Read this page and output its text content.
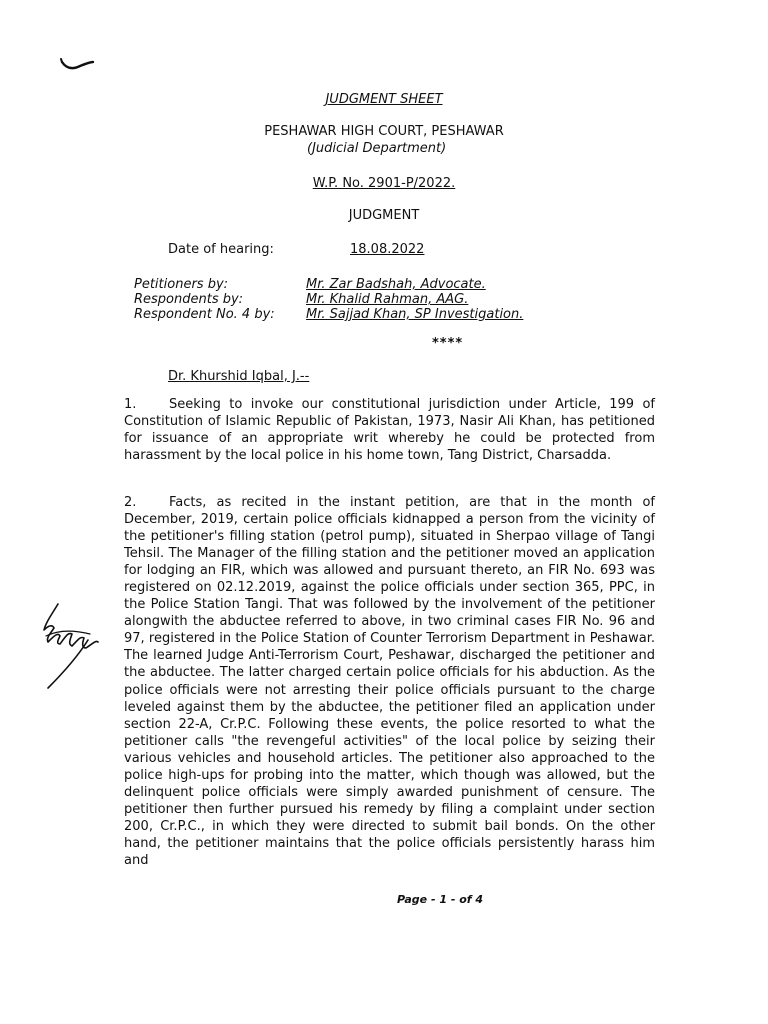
JUDGMENT SHEET
PESHAWAR HIGH COURT, PESHAWAR
(Judicial Department)
W.P. No. 2901-P/2022.
JUDGMENT
Date of hearing:	18.08.2022
Petitioners by:	Mr. Zar Badshah, Advocate.
Respondents by:	Mr. Khalid Rahman, AAG.
Respondent No. 4 by: Mr. Sajjad Khan, SP Investigation.
****
Dr. Khurshid Iqbal, J.--
1.	Seeking to invoke our constitutional jurisdiction under Article, 199 of Constitution of Islamic Republic of Pakistan, 1973, Nasir Ali Khan, has petitioned for issuance of an appropriate writ whereby he could be protected from harassment by the local police in his home town, Tang District, Charsadda.
2.	Facts, as recited in the instant petition, are that in the month of December, 2019, certain police officials kidnapped a person from the vicinity of the petitioner's filling station (petrol pump), situated in Sherpao village of Tangi Tehsil. The Manager of the filling station and the petitioner moved an application for lodging an FIR, which was allowed and pursuant thereto, an FIR No. 693 was registered on 02.12.2019, against the police officials under section 365, PPC, in the Police Station Tangi. That was followed by the involvement of the petitioner alongwith the abductee referred to above, in two criminal cases FIR No. 96 and 97, registered in the Police Station of Counter Terrorism Department in Peshawar. The learned Judge Anti-Terrorism Court, Peshawar, discharged the petitioner and the abductee. The latter charged certain police officials for his abduction. As the police officials were not arresting their police officials pursuant to the charge leveled against them by the abductee, the petitioner filed an application under section 22-A, Cr.P.C. Following these events, the police resorted to what the petitioner calls "the revengeful activities" of the local police by seizing their various vehicles and household articles. The petitioner also approached to the police high-ups for probing into the matter, which though was allowed, but the delinquent police officials were simply awarded punishment of censure. The petitioner then further pursued his remedy by filing a complaint under section 200, Cr.P.C., in which they were directed to submit bail bonds. On the other hand, the petitioner maintains that the police officials persistently harass him and
Page - 1 - of 4
